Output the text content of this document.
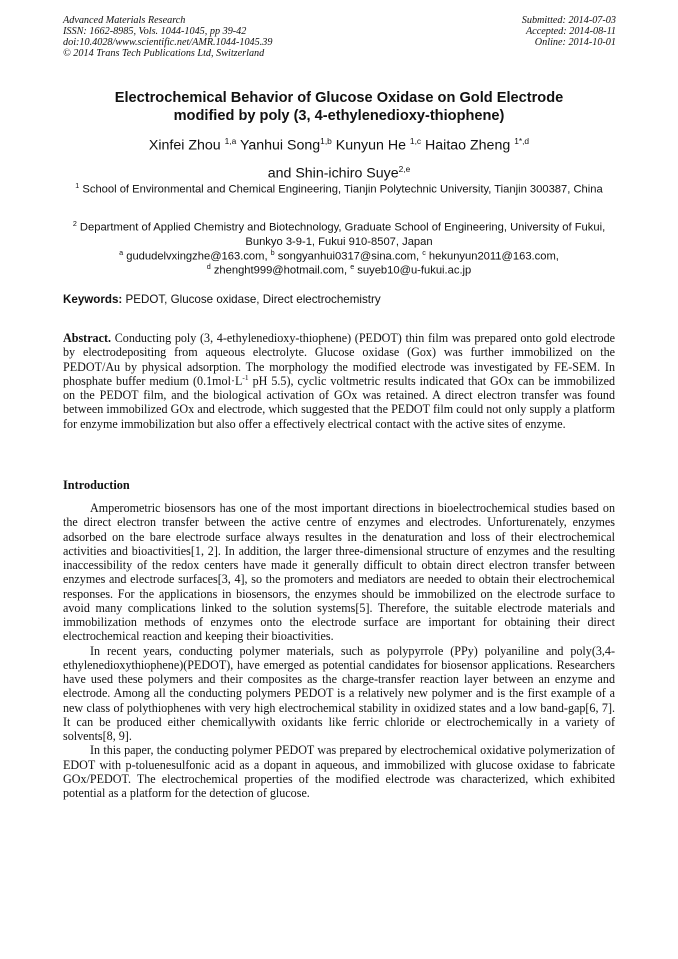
Advanced Materials Research
ISSN: 1662-8985, Vols. 1044-1045, pp 39-42
doi:10.4028/www.scientific.net/AMR.1044-1045.39
© 2014 Trans Tech Publications Ltd, Switzerland
Submitted: 2014-07-03
Accepted: 2014-08-11
Online: 2014-10-01
Electrochemical Behavior of Glucose Oxidase on Gold Electrode
modified by poly (3, 4-ethylenedioxy-thiophene)
Xinfei Zhou $^{1,a}$ Yanhui Song$^{1,b}$ Kunyun He $^{1,c}$ Haitao Zheng $^{1*,d}$
and Shin-ichiro Suye$^{2,e}$
$^1$ School of Environmental and Chemical Engineering, Tianjin Polytechnic University, Tianjin 300387, China
$^2$ Department of Applied Chemistry and Biotechnology, Graduate School of Engineering, University of Fukui, Bunkyo 3-9-1, Fukui 910-8507, Japan
$^a$ gududelvxingzhe@163.com, $^b$ songyanhui0317@sina.com, $^c$ hekunyun2011@163.com,
$^d$ zhenght999@hotmail.com, $^e$ suyeb10@u-fukui.ac.jp
Keywords: PEDOT, Glucose oxidase, Direct electrochemistry
Abstract. Conducting poly (3, 4-ethylenedioxy-thiophene) (PEDOT) thin film was prepared onto gold electrode by electrodepositing from aqueous electrolyte. Glucose oxidase (Gox) was further immobilized on the PEDOT/Au by physical adsorption. The morphology the modified electrode was investigated by FE-SEM. In phosphate buffer medium ($0.1mol\cdot L^{-1}$ pH 5.5), cyclic voltmetric results indicated that GOx can be immobilized on the PEDOT film, and the biological activation of GOx was retained. A direct electron transfer was found between immobilized GOx and electrode, which suggested that the PEDOT film could not only supply a platform for enzyme immobilization but also offer a effectively electrical contact with the active sites of enzyme.
Introduction

Amperometric biosensors has one of the most important directions in bioelectrochemical studies based on the direct electron transfer between the active centre of enzymes and electrodes. Unforturenately, enzymes adsorbed on the bare electrode surface always resultes in the denaturation and loss of their electrochemical activities and bioactivities[1, 2]. In addition, the larger three-dimensional structure of enzymes and the resulting inaccessibility of the redox centers have made it generally difficult to obtain direct electron transfer between enzymes and electrode surfaces[3, 4], so the promoters and mediators are needed to obtain their electrochemical responses. For the applications in biosensors, the enzymes should be immobilized on the electrode surface to avoid many complications linked to the solution systems[5]. Therefore, the suitable electrode materials and immobilization methods of enzymes onto the electrode surface are important for obtaining their direct electrochemical reaction and keeping their bioactivities.

In recent years, conducting polymer materials, such as polypyrrole (PPy) polyaniline and poly(3,4-ethylenedioxythiophene)(PEDOT), have emerged as potential candidates for biosensor applications. Researchers have used these polymers and their composites as the charge-transfer reaction layer between an enzyme and electrode. Among all the conducting polymers PEDOT is a relatively new polymer and is the first example of a new class of polythiophenes with very high electrochemical stability in oxidized states and a low band-gap[6, 7]. It can be produced either chemicallywith oxidants like ferric chloride or electrochemically in a variety of solvents[8, 9].

In this paper, the conducting polymer PEDOT was prepared by electrochemical oxidative polymerization of EDOT with p-toluenesulfonic acid as a dopant in aqueous, and immobilized with glucose oxidase to fabricate GOx/PEDOT. The electrochemical properties of the modified electrode was characterized, which exhibited potential as a platform for the detection of glucose.
